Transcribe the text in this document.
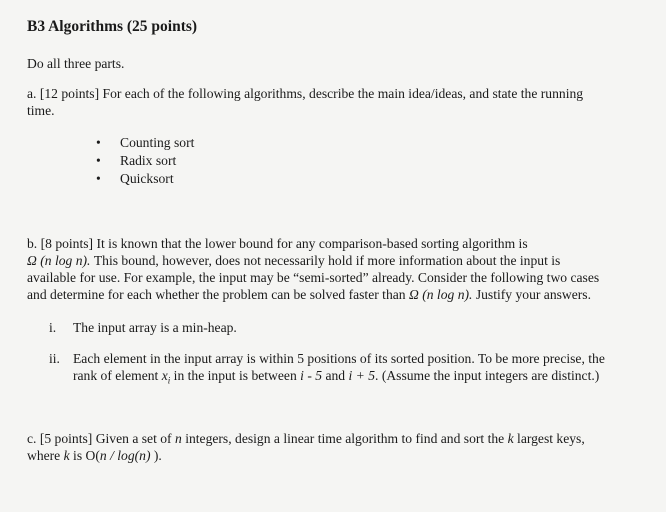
B3 Algorithms (25 points)
Do all three parts.
a. [12 points] For each of the following algorithms, describe the main idea/ideas, and state the running
time.
• Counting sort
• Radix sort
• Quicksort
b. [8 points] It is known that the lower bound for any comparison-based sorting algorithm is
Ω (n log n). This bound, however, does not necessarily hold if more information about the input is
available for use. For example, the input may be “semi-sorted” already. Consider the following two cases
and determine for each whether the problem can be solved faster than Ω (n log n). Justify your answers.
i. The input array is a min-heap.
ii. Each element in the input array is within 5 positions of its sorted position. To be more precise, the
rank of element $x_i$ in the input is between i - 5 and i + 5. (Assume the input integers are distinct.)
c. [5 points] Given a set of n integers, design a linear time algorithm to find and sort the k largest keys,
where k is O(n / log(n) ).
